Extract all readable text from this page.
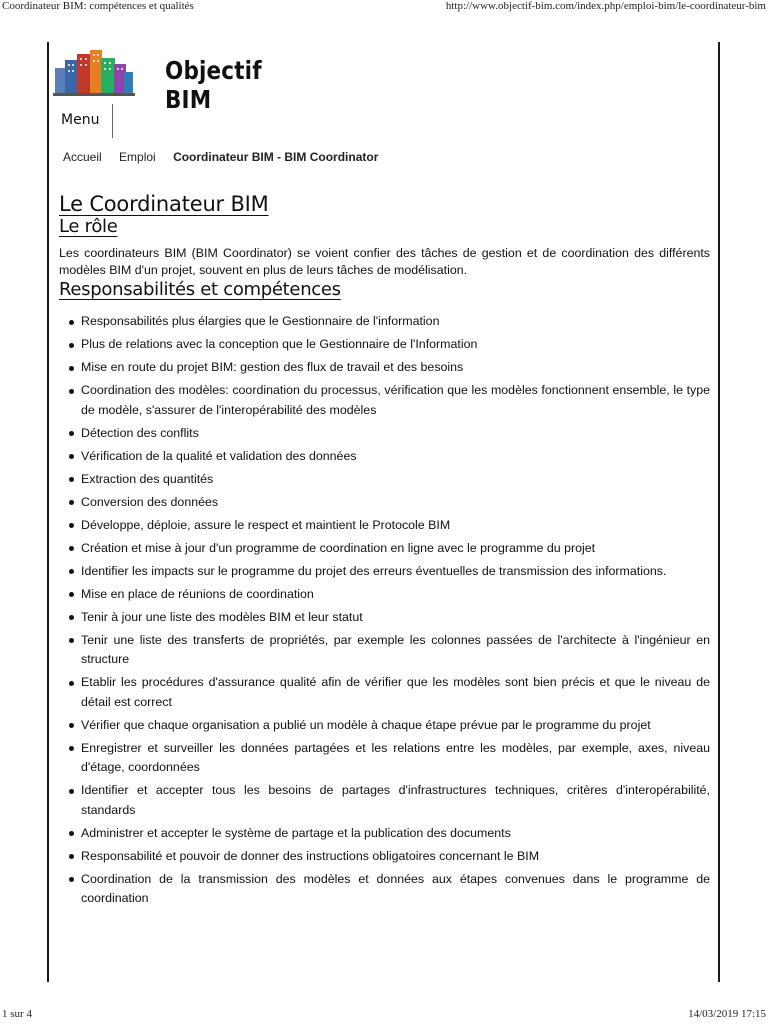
Coordinateur BIM: compétences et qualités	http://www.objectif-bim.com/index.php/emploi-bim/le-coordinateur-bim
Objectif BIM
Menu
Accueil Emploi Coordinateur BIM - BIM Coordinator
Le Coordinateur BIM
Le rôle

Les coordinateurs BIM (BIM Coordinator) se voient confier des tâches de gestion et de coordination des différents modèles BIM d'un projet, souvent en plus de leurs tâches de modélisation.

Responsabilités et compétences
Responsabilités plus élargies que le Gestionnaire de l'information
Plus de relations avec la conception que le Gestionnaire de l'Information
Mise en route du projet BIM: gestion des flux de travail et des besoins
Coordination des modèles: coordination du processus, vérification que les modèles fonctionnent ensemble, le type de modèle, s'assurer de l'interopérabilité des modèles
Détection des conflits
Vérification de la qualité et validation des données
Extraction des quantités
Conversion des données
Développe, déploie, assure le respect et maintient le Protocole BIM
Création et mise à jour d'un programme de coordination en ligne avec le programme du projet
Identifier les impacts sur le programme du projet des erreurs éventuelles de transmission des informations.
Mise en place de réunions de coordination
Tenir à jour une liste des modèles BIM et leur statut
Tenir une liste des transferts de propriétés, par exemple les colonnes passées de l'architecte à l'ingénieur en structure
Etablir les procédures d'assurance qualité afin de vérifier que les modèles sont bien précis et que le niveau de détail est correct
Vérifier que chaque organisation a publié un modèle à chaque étape prévue par le programme du projet
Enregistrer et surveiller les données partagées et les relations entre les modèles, par exemple, axes, niveau d'étage, coordonnées
Identifier et accepter tous les besoins de partages d'infrastructures techniques, critères d'interopérabilité, standards
Administrer et accepter le système de partage et la publication des documents
Responsabilité et pouvoir de donner des instructions obligatoires concernant le BIM
Coordination de la transmission des modèles et données aux étapes convenues dans le programme de coordination
1 sur 4	14/03/2019 17:15
